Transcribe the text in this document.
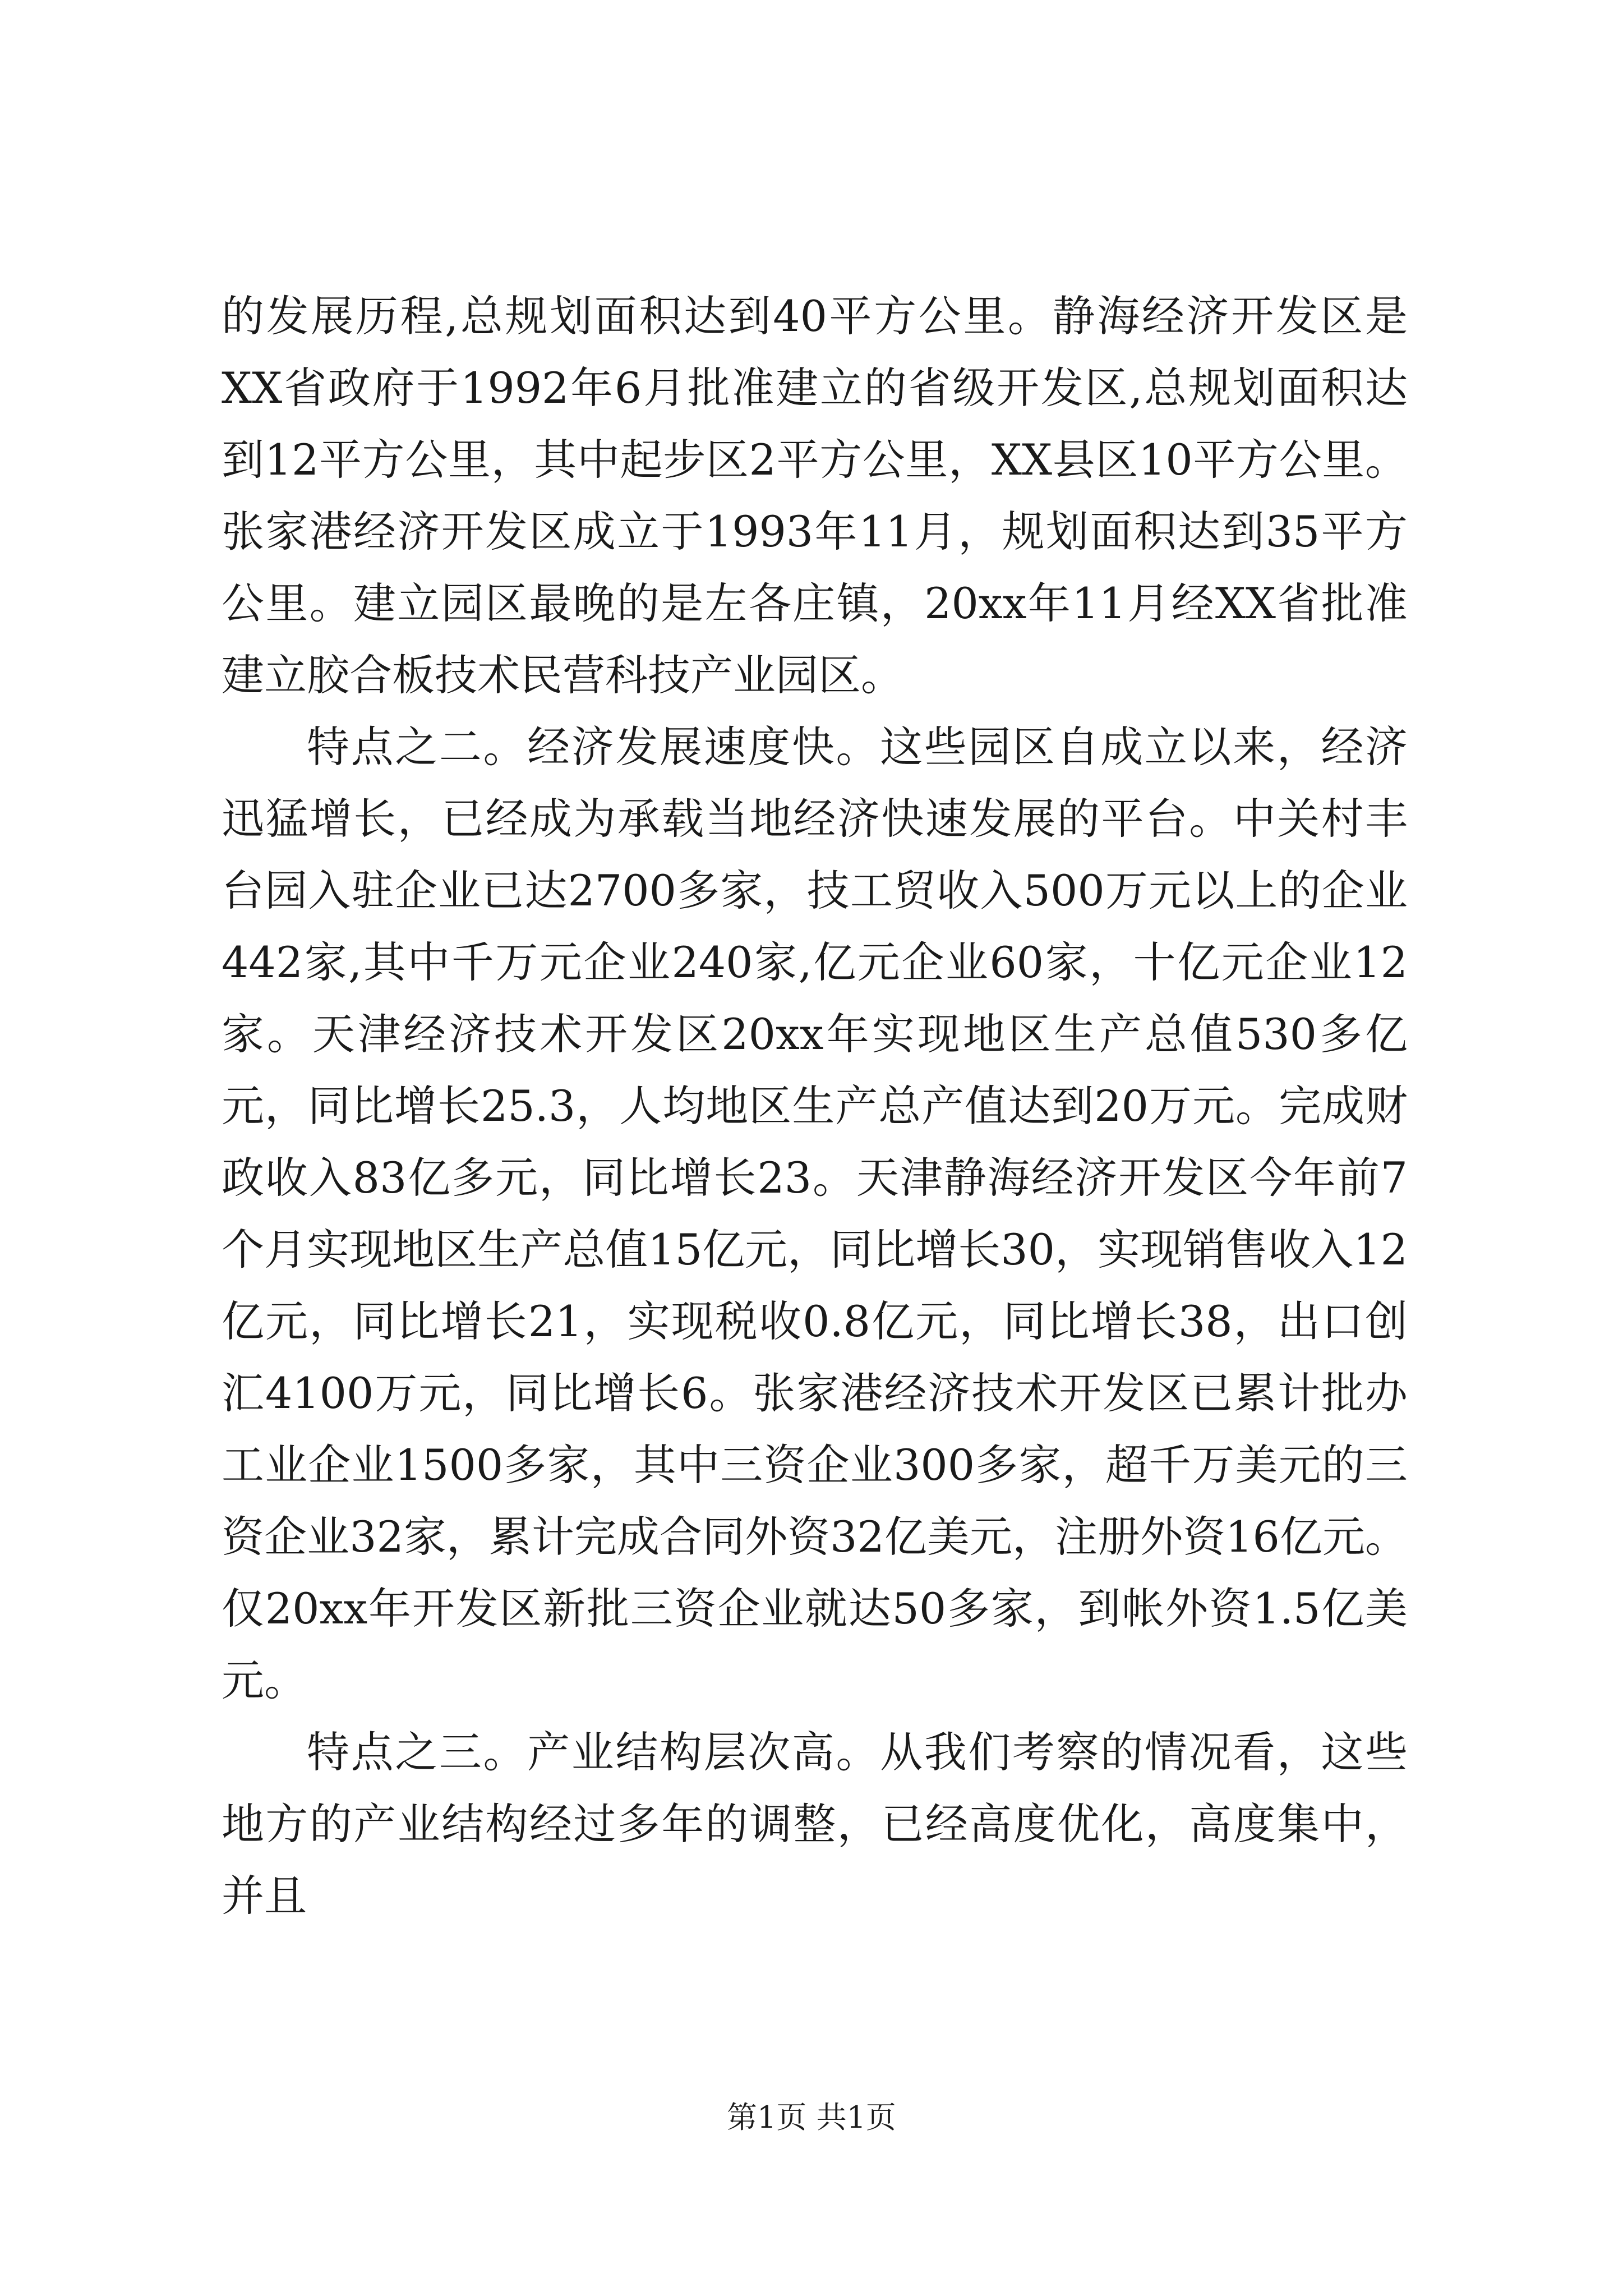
的发展历程,总规划面积达到40平方公里。静海经济开发区是XX省政府于1992年6月批准建立的省级开发区,总规划面积达到12平方公里，其中起步区2平方公里，XX县区10平方公里。张家港经济开发区成立于1993年11月，规划面积达到35平方公里。建立园区最晚的是左各庄镇，20xx年11月经XX省批准建立胶合板技术民营科技产业园区。

特点之二。经济发展速度快。这些园区自成立以来，经济迅猛增长，已经成为承载当地经济快速发展的平台。中关村丰台园入驻企业已达2700多家，技工贸收入500万元以上的企业442家,其中千万元企业240家,亿元企业60家，十亿元企业12家。天津经济技术开发区20xx年实现地区生产总值530多亿元，同比增长25.3，人均地区生产总产值达到20万元。完成财政收入83亿多元，同比增长23。天津静海经济开发区今年前7个月实现地区生产总值15亿元，同比增长30，实现销售收入12亿元，同比增长21，实现税收0.8亿元，同比增长38，出口创汇4100万元，同比增长6。张家港经济技术开发区已累计批办工业企业1500多家，其中三资企业300多家，超千万美元的三资企业32家，累计完成合同外资32亿美元，注册外资16亿元。仅20xx年开发区新批三资企业就达50多家，到帐外资1.5亿美元。

特点之三。产业结构层次高。从我们考察的情况看，这些地方的产业结构经过多年的调整，已经高度优化，高度集中，并且

第1页 共1页
